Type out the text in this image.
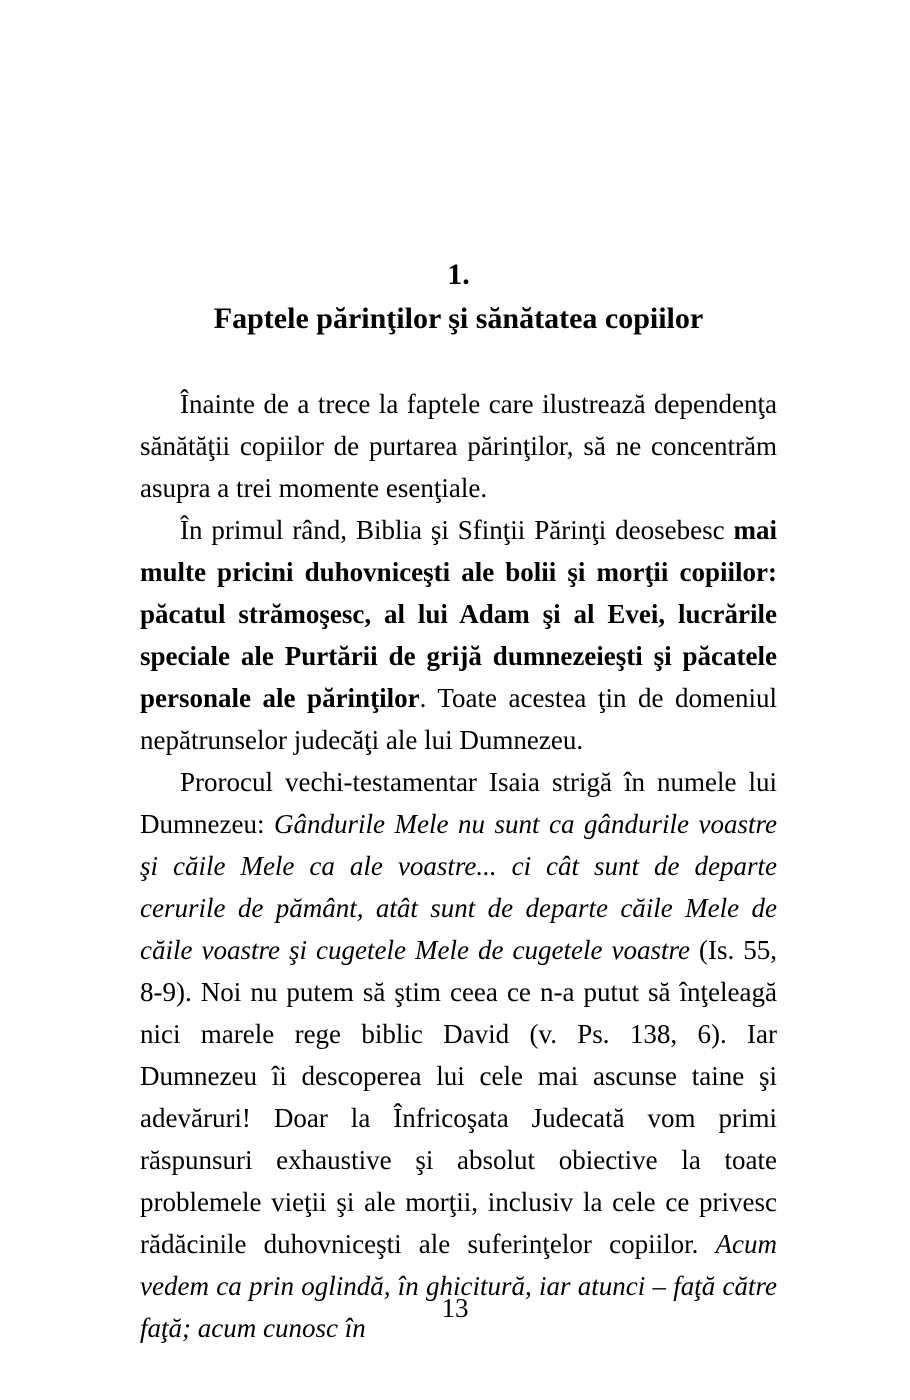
1.
Faptele părinţilor şi sănătatea copiilor

Înainte de a trece la faptele care ilustrează dependenţa sănătăţii copiilor de purtarea părinţilor, să ne concentrăm asupra a trei momente esenţiale.

În primul rând, Biblia şi Sfinţii Părinţi deosebesc mai multe pricini duhovniceşti ale bolii şi morţii copiilor: păcatul strămoşesc, al lui Adam şi al Evei, lucrările speciale ale Purtării de grijă dumnezeieşti şi păcatele personale ale părinţilor. Toate acestea ţin de domeniul nepătrunselor judecăţi ale lui Dumnezeu.

Prorocul vechi-testamentar Isaia strigă în numele lui Dumnezeu: Gândurile Mele nu sunt ca gândurile voastre şi căile Mele ca ale voastre... ci cât sunt de departe cerurile de pământ, atât sunt de departe căile Mele de căile voastre şi cugetele Mele de cugetele voastre (Is. 55, 8-9). Noi nu putem să ştim ceea ce n-a putut să înţeleagă nici marele rege biblic David (v. Ps. 138, 6). Iar Dumnezeu îi descoperea lui cele mai ascunse taine şi adevăruri! Doar la Înfricoşata Judecată vom primi răspunsuri exhaustive şi absolut obiective la toate problemele vieţii şi ale morţii, inclusiv la cele ce privesc rădăcinile duhovniceşti ale suferinţelor copiilor. Acum vedem ca prin oglindă, în ghicitură, iar atunci – faţă către faţă; acum cunosc în

13
